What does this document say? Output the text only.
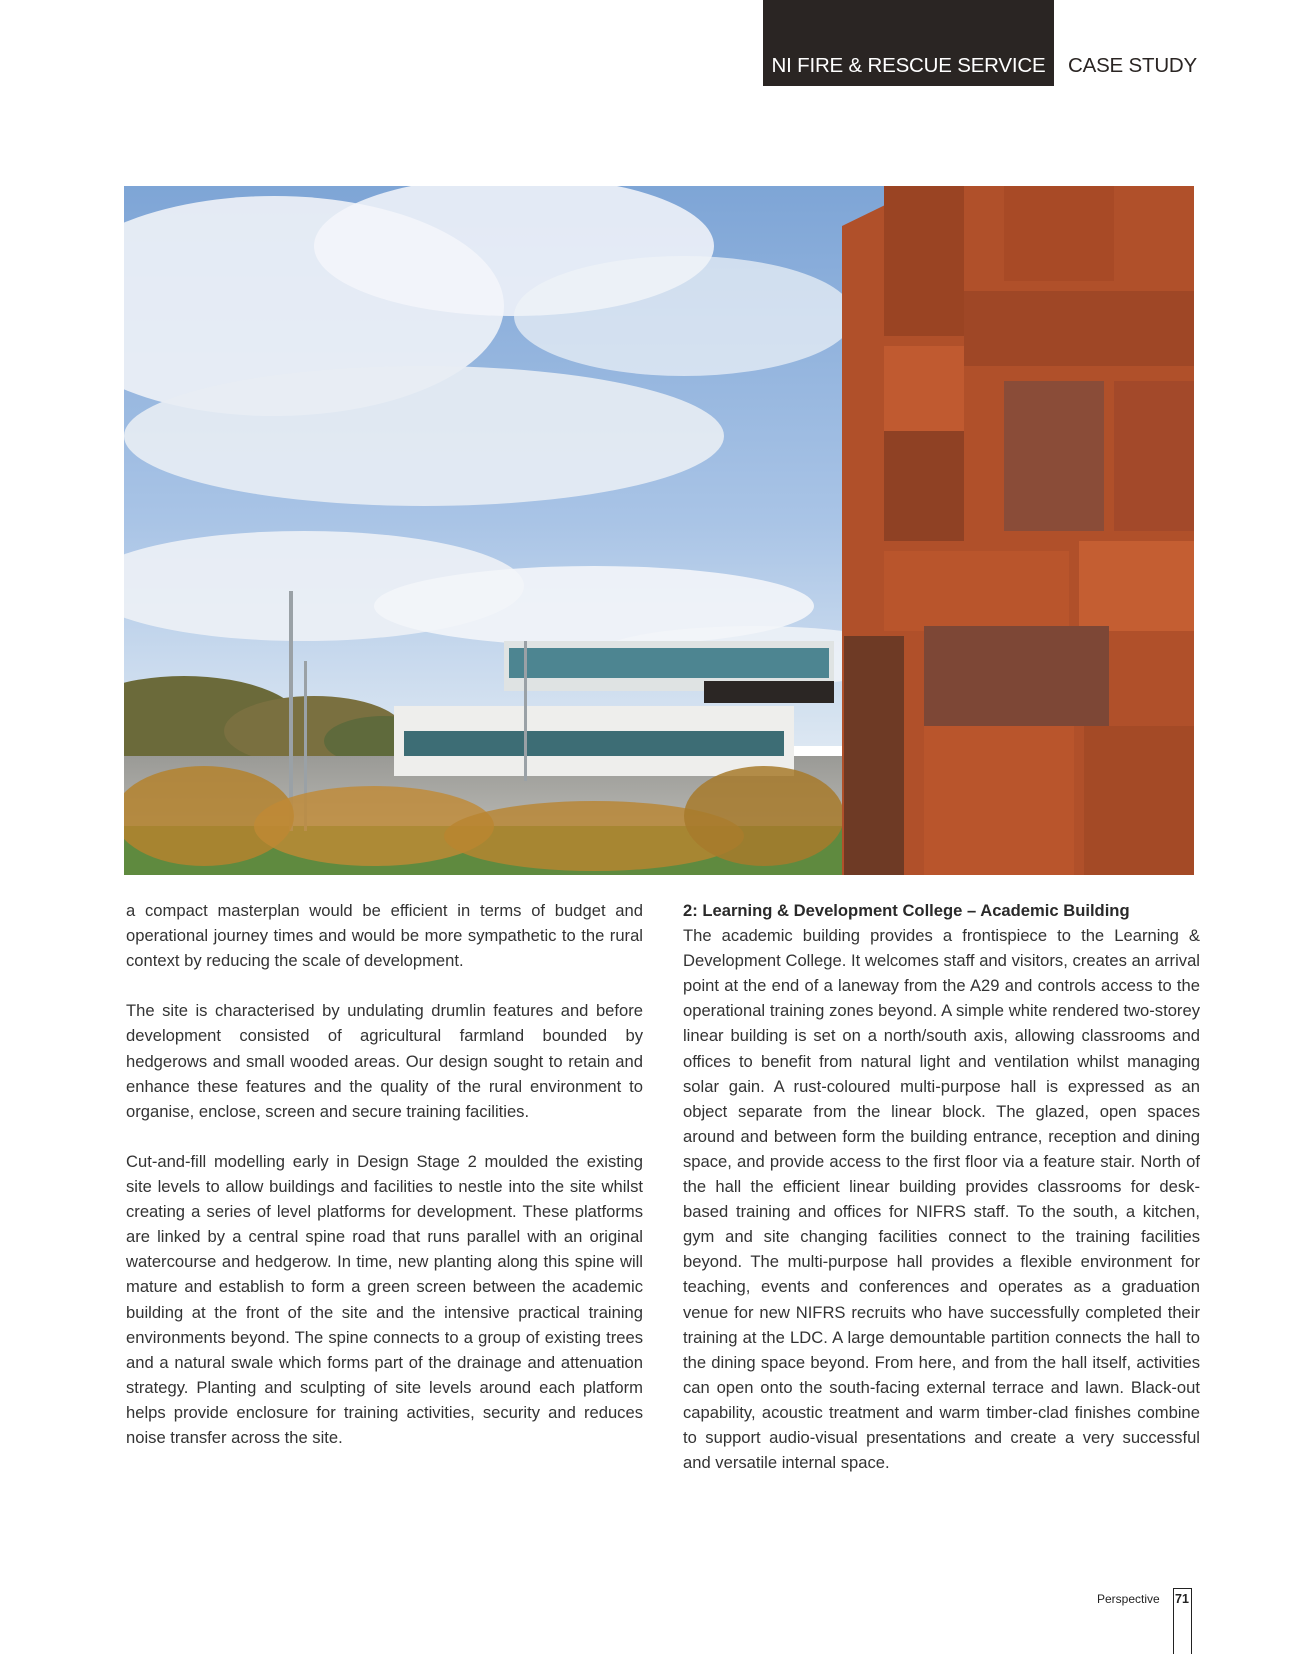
NI FIRE & RESCUE SERVICE	CASE STUDY

a compact masterplan would be efficient in terms of budget and operational journey times and would be more sympathetic to the rural context by reducing the scale of development.

The site is characterised by undulating drumlin features and before development consisted of agricultural farmland bounded by hedgerows and small wooded areas. Our design sought to retain and enhance these features and the quality of the rural environment to organise, enclose, screen and secure training facilities.

Cut-and-fill modelling early in Design Stage 2 moulded the existing site levels to allow buildings and facilities to nestle into the site whilst creating a series of level platforms for development. These platforms are linked by a central spine road that runs parallel with an original watercourse and hedgerow. In time, new planting along this spine will mature and establish to form a green screen between the academic building at the front of the site and the intensive practical training environments beyond. The spine connects to a group of existing trees and a natural swale which forms part of the drainage and attenuation strategy. Planting and sculpting of site levels around each platform helps provide enclosure for training activities, security and reduces noise transfer across the site.

2: Learning & Development College – Academic Building

The academic building provides a frontispiece to the Learning & Development College. It welcomes staff and visitors, creates an arrival point at the end of a laneway from the A29 and controls access to the operational training zones beyond. A simple white rendered two-storey linear building is set on a north/south axis, allowing classrooms and offices to benefit from natural light and ventilation whilst managing solar gain. A rust-coloured multi-purpose hall is expressed as an object separate from the linear block. The glazed, open spaces around and between form the building entrance, reception and dining space, and provide access to the first floor via a feature stair. North of the hall the efficient linear building provides classrooms for desk-based training and offices for NIFRS staff. To the south, a kitchen, gym and site changing facilities connect to the training facilities beyond. The multi-purpose hall provides a flexible environment for teaching, events and conferences and operates as a graduation venue for new NIFRS recruits who have successfully completed their training at the LDC. A large demountable partition connects the hall to the dining space beyond. From here, and from the hall itself, activities can open onto the south-facing external terrace and lawn. Black-out capability, acoustic treatment and warm timber-clad finishes combine to support audio-visual presentations and create a very successful and versatile internal space.

Perspective 71
